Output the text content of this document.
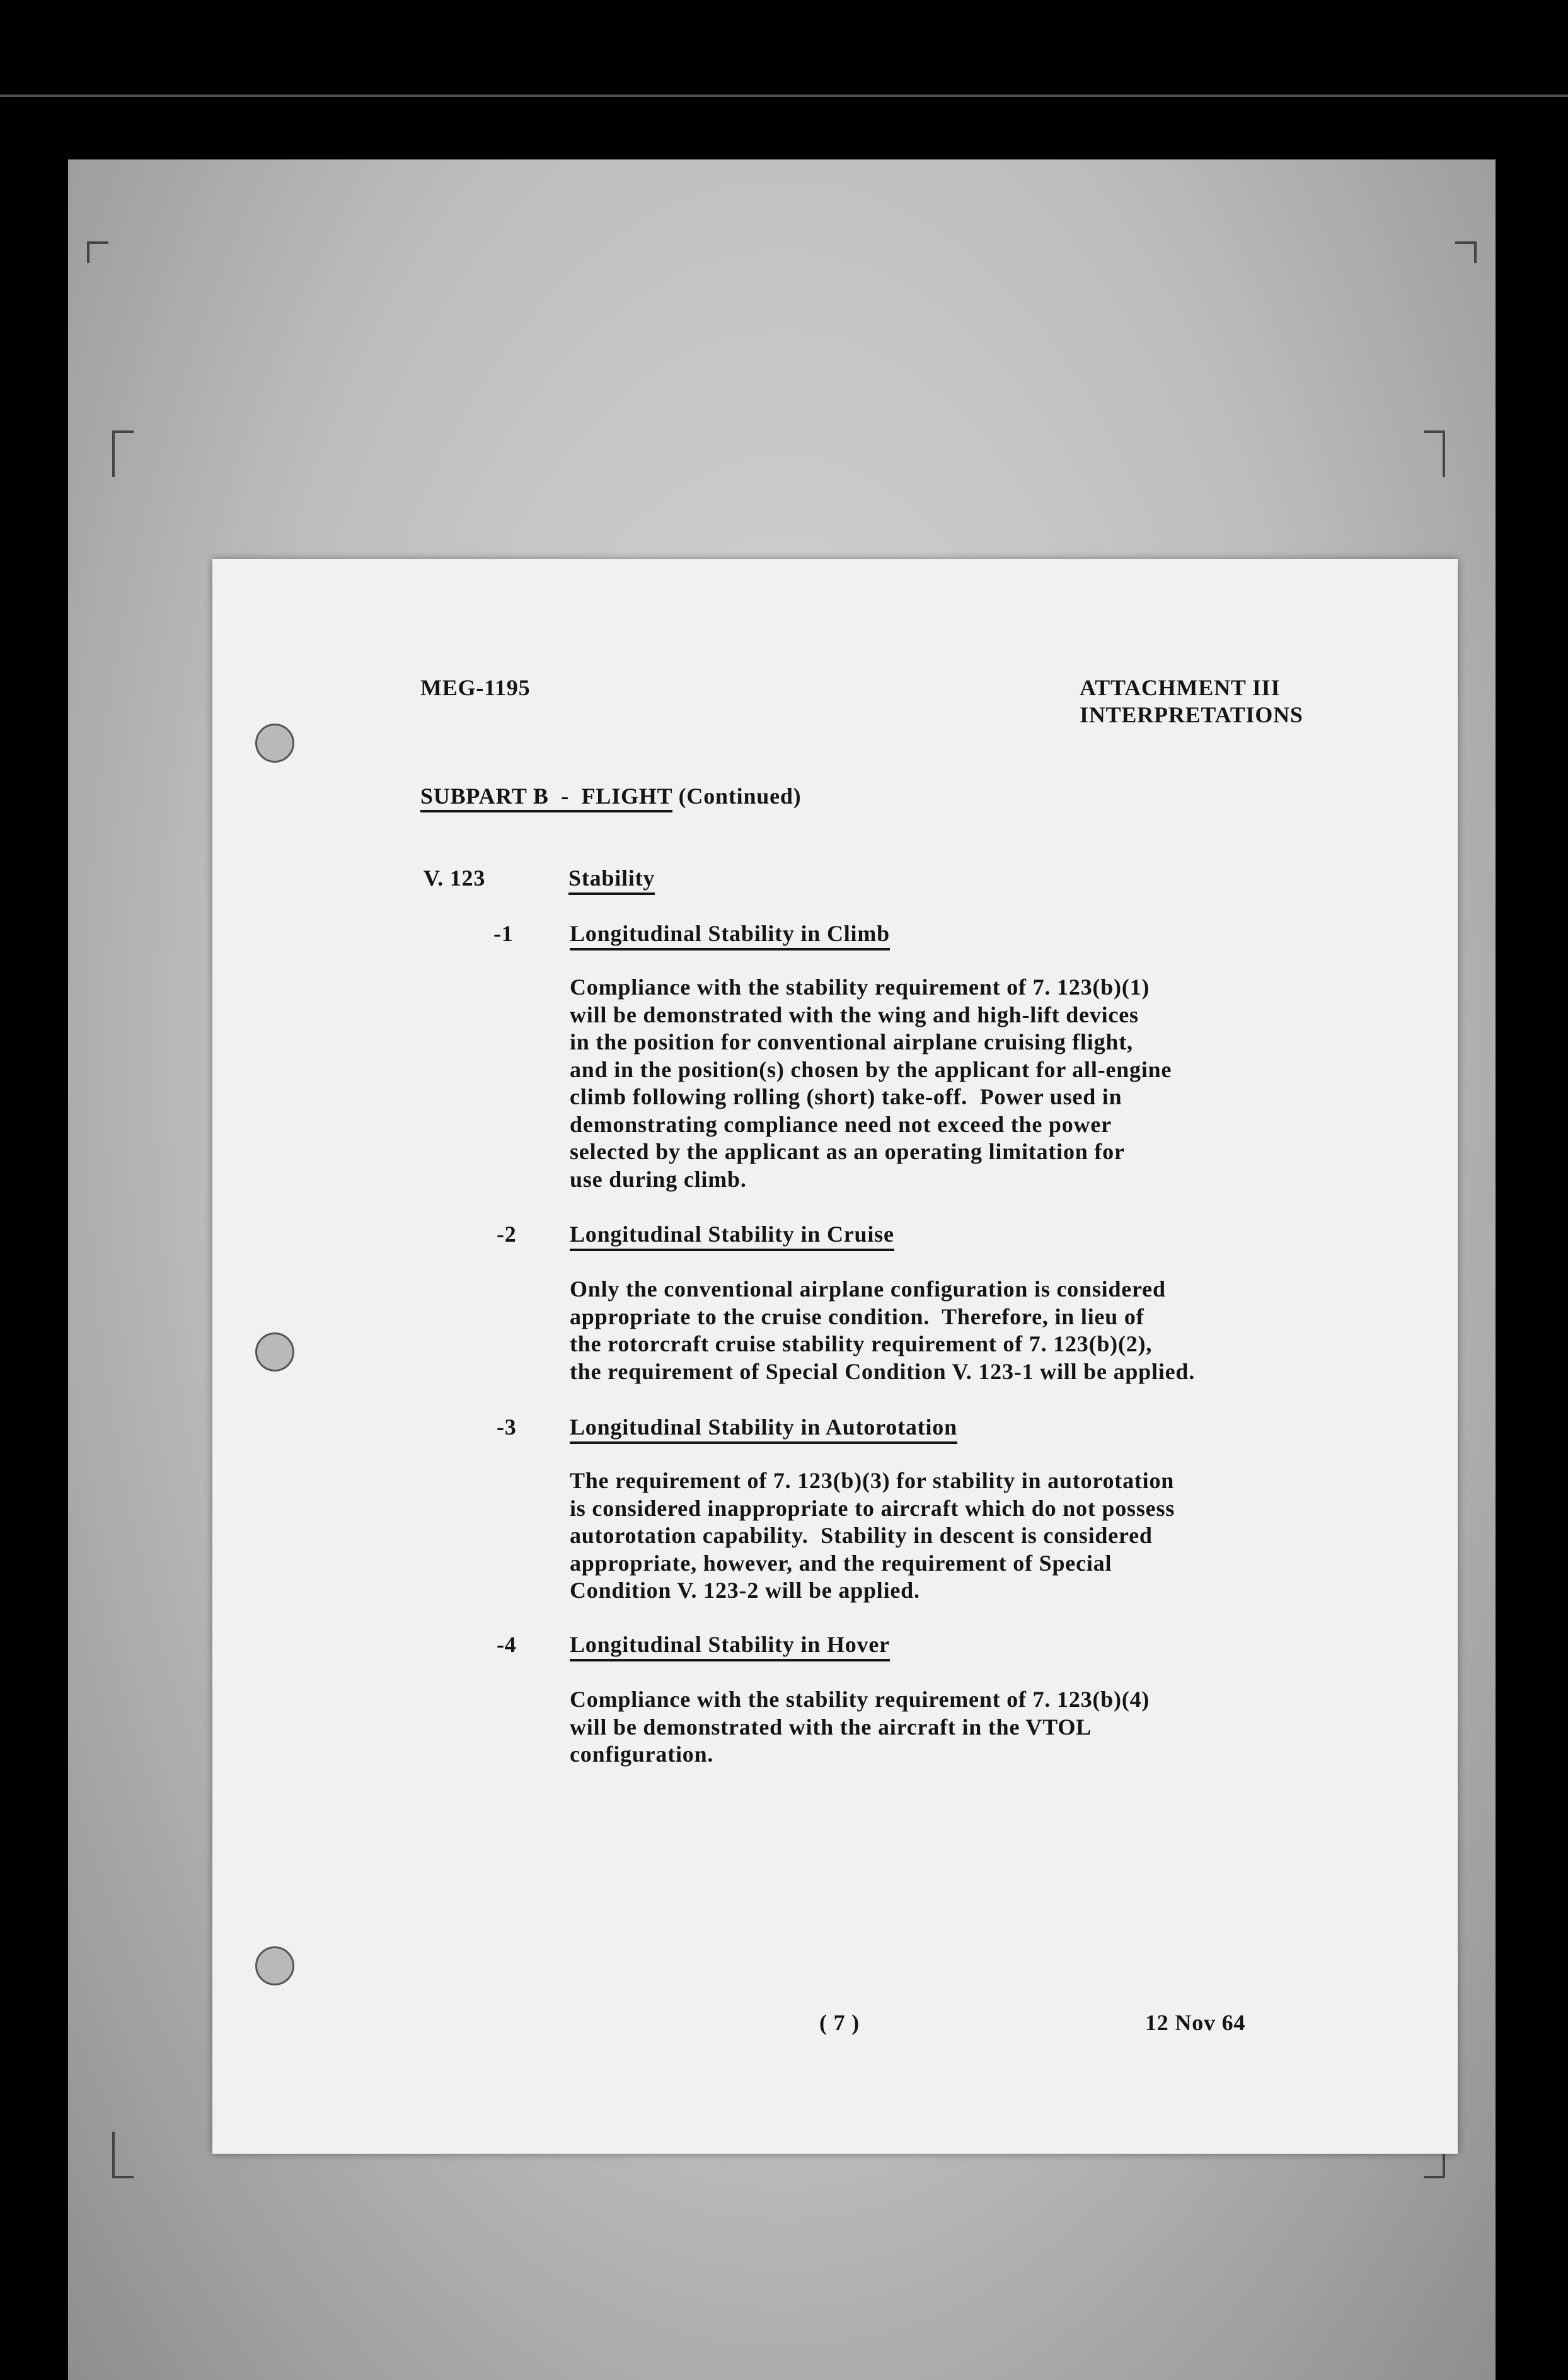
MEG-1195	ATTACHMENT III
INTERPRETATIONS
SUBPART B  -  FLIGHT (Continued)
V. 123	Stability
-1 Longitudinal Stability in Climb
Compliance with the stability requirement of 7. 123(b)(1)
will be demonstrated with the wing and high-lift devices
in the position for conventional airplane cruising flight,
and in the position(s) chosen by the applicant for all-engine
climb following rolling (short) take-off.  Power used in
demonstrating compliance need not exceed the power
selected by the applicant as an operating limitation for
use during climb.
-2 Longitudinal Stability in Cruise
Only the conventional airplane configuration is considered
appropriate to the cruise condition.  Therefore, in lieu of
the rotorcraft cruise stability requirement of 7. 123(b)(2),
the requirement of Special Condition V. 123-1 will be applied.
-3 Longitudinal Stability in Autorotation
The requirement of 7. 123(b)(3) for stability in autorotation
is considered inappropriate to aircraft which do not possess
autorotation capability.  Stability in descent is considered
appropriate, however, and the requirement of Special
Condition V. 123-2 will be applied.
-4 Longitudinal Stability in Hover
Compliance with the stability requirement of 7. 123(b)(4)
will be demonstrated with the aircraft in the VTOL
configuration.
( 7 )	12 Nov 64
